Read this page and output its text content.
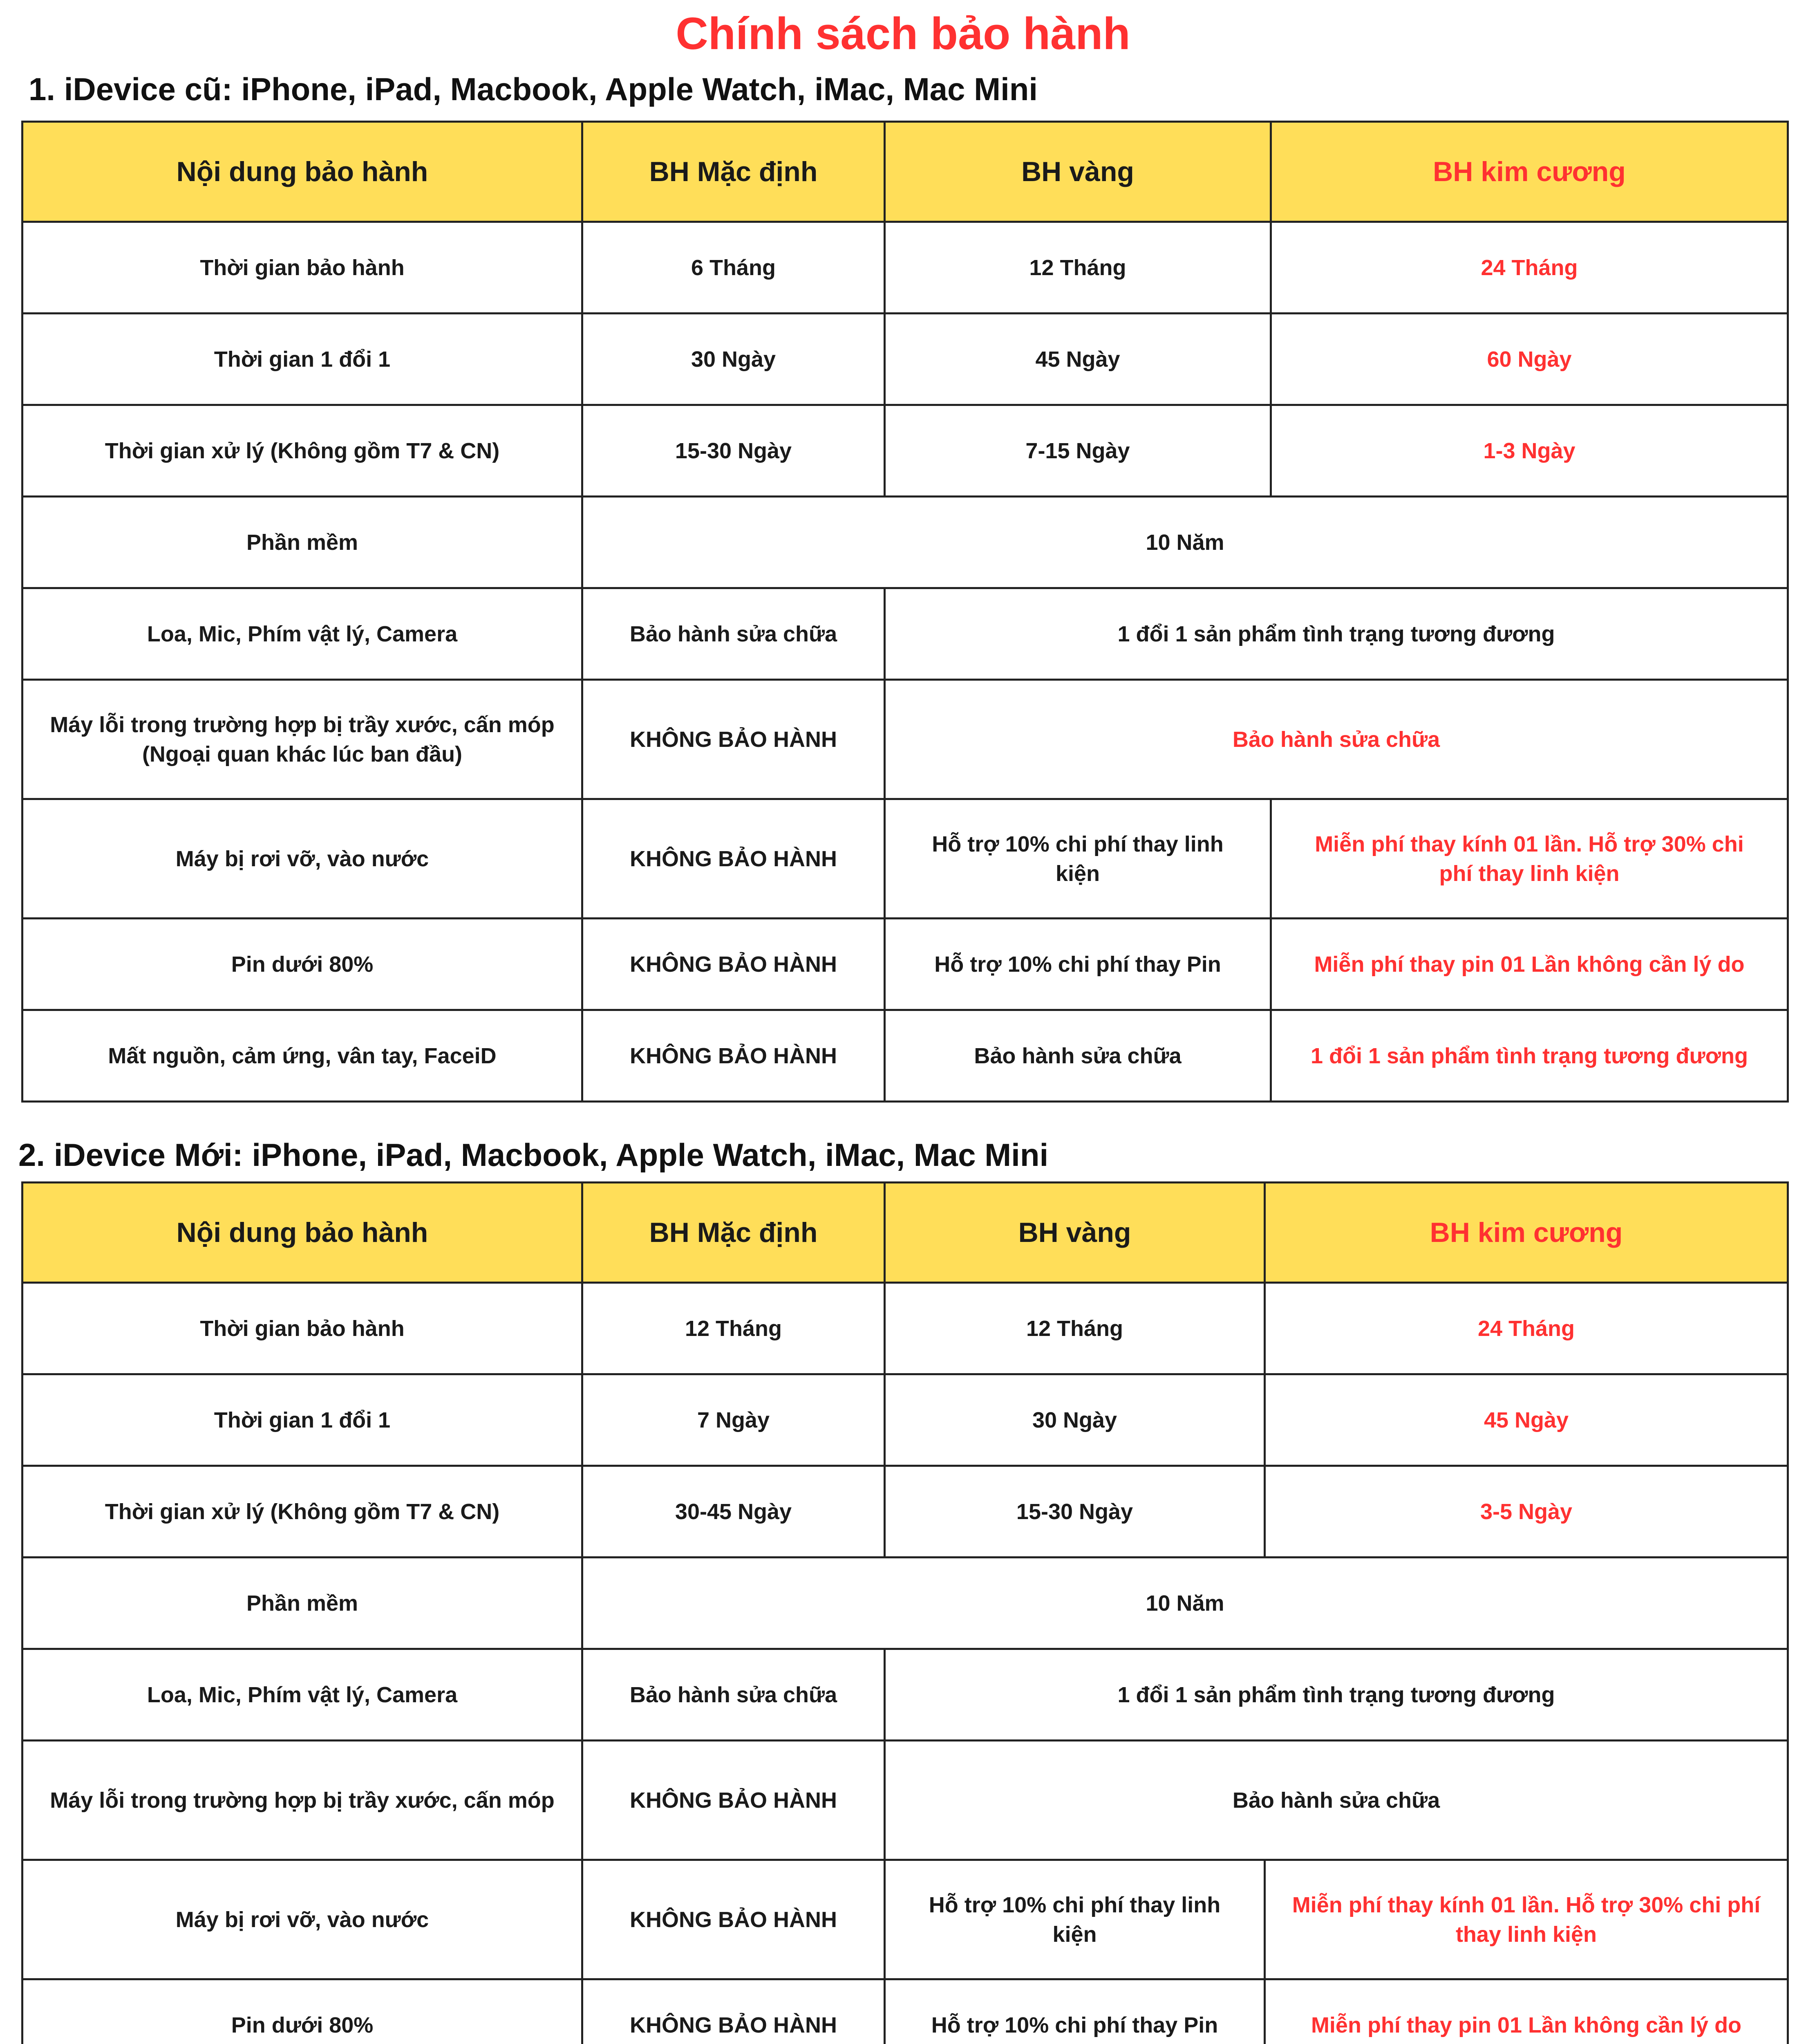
Chính sách bảo hành
1. iDevice cũ: iPhone, iPad, Macbook, Apple Watch, iMac, Mac Mini
Nội dung bảo hành	BH Mặc định	BH vàng	BH kim cương
Thời gian bảo hành	6 Tháng	12 Tháng	24 Tháng
Thời gian 1 đổi 1	30 Ngày	45 Ngày	60 Ngày
Thời gian xử lý (Không gồm T7 & CN)	15-30 Ngày	7-15 Ngày	1-3 Ngày
Phần mềm	10 Năm		
Loa, Mic, Phím vật lý, Camera	Bảo hành sửa chữa	1 đổi 1 sản phẩm tình trạng tương đương	
Máy lỗi trong trường hợp bị trầy xước, cấn móp (Ngoại quan khác lúc ban đầu)	KHÔNG BẢO HÀNH	Bảo hành sửa chữa	
Máy bị rơi vỡ, vào nước	KHÔNG BẢO HÀNH	Hỗ trợ 10% chi phí thay linh kiện	Miễn phí thay kính 01 lần. Hỗ trợ 30% chi phí thay linh kiện
Pin dưới 80%	KHÔNG BẢO HÀNH	Hỗ trợ 10% chi phí thay Pin	Miễn phí thay pin 01 Lần không cần lý do
Mất nguồn, cảm ứng, vân tay, FaceiD	KHÔNG BẢO HÀNH	Bảo hành sửa chữa	1 đổi 1 sản phẩm tình trạng tương đương
2. iDevice Mới: iPhone, iPad, Macbook, Apple Watch, iMac, Mac Mini
Nội dung bảo hành	BH Mặc định	BH vàng	BH kim cương
Thời gian bảo hành	12 Tháng	12 Tháng	24 Tháng
Thời gian 1 đổi 1	7 Ngày	30 Ngày	45 Ngày
Thời gian xử lý (Không gồm T7 & CN)	30-45 Ngày	15-30 Ngày	3-5 Ngày
Phần mềm	10 Năm		
Loa, Mic, Phím vật lý, Camera	Bảo hành sửa chữa	1 đổi 1 sản phẩm tình trạng tương đương	
Máy lỗi trong trường hợp bị trầy xước, cấn móp	KHÔNG BẢO HÀNH	Bảo hành sửa chữa	
Máy bị rơi vỡ, vào nước	KHÔNG BẢO HÀNH	Hỗ trợ 10% chi phí thay linh kiện	Miễn phí thay kính 01 lần. Hỗ trợ 30% chi phí thay linh kiện
Pin dưới 80%	KHÔNG BẢO HÀNH	Hỗ trợ 10% chi phí thay Pin	Miễn phí thay pin 01 Lần không cần lý do
